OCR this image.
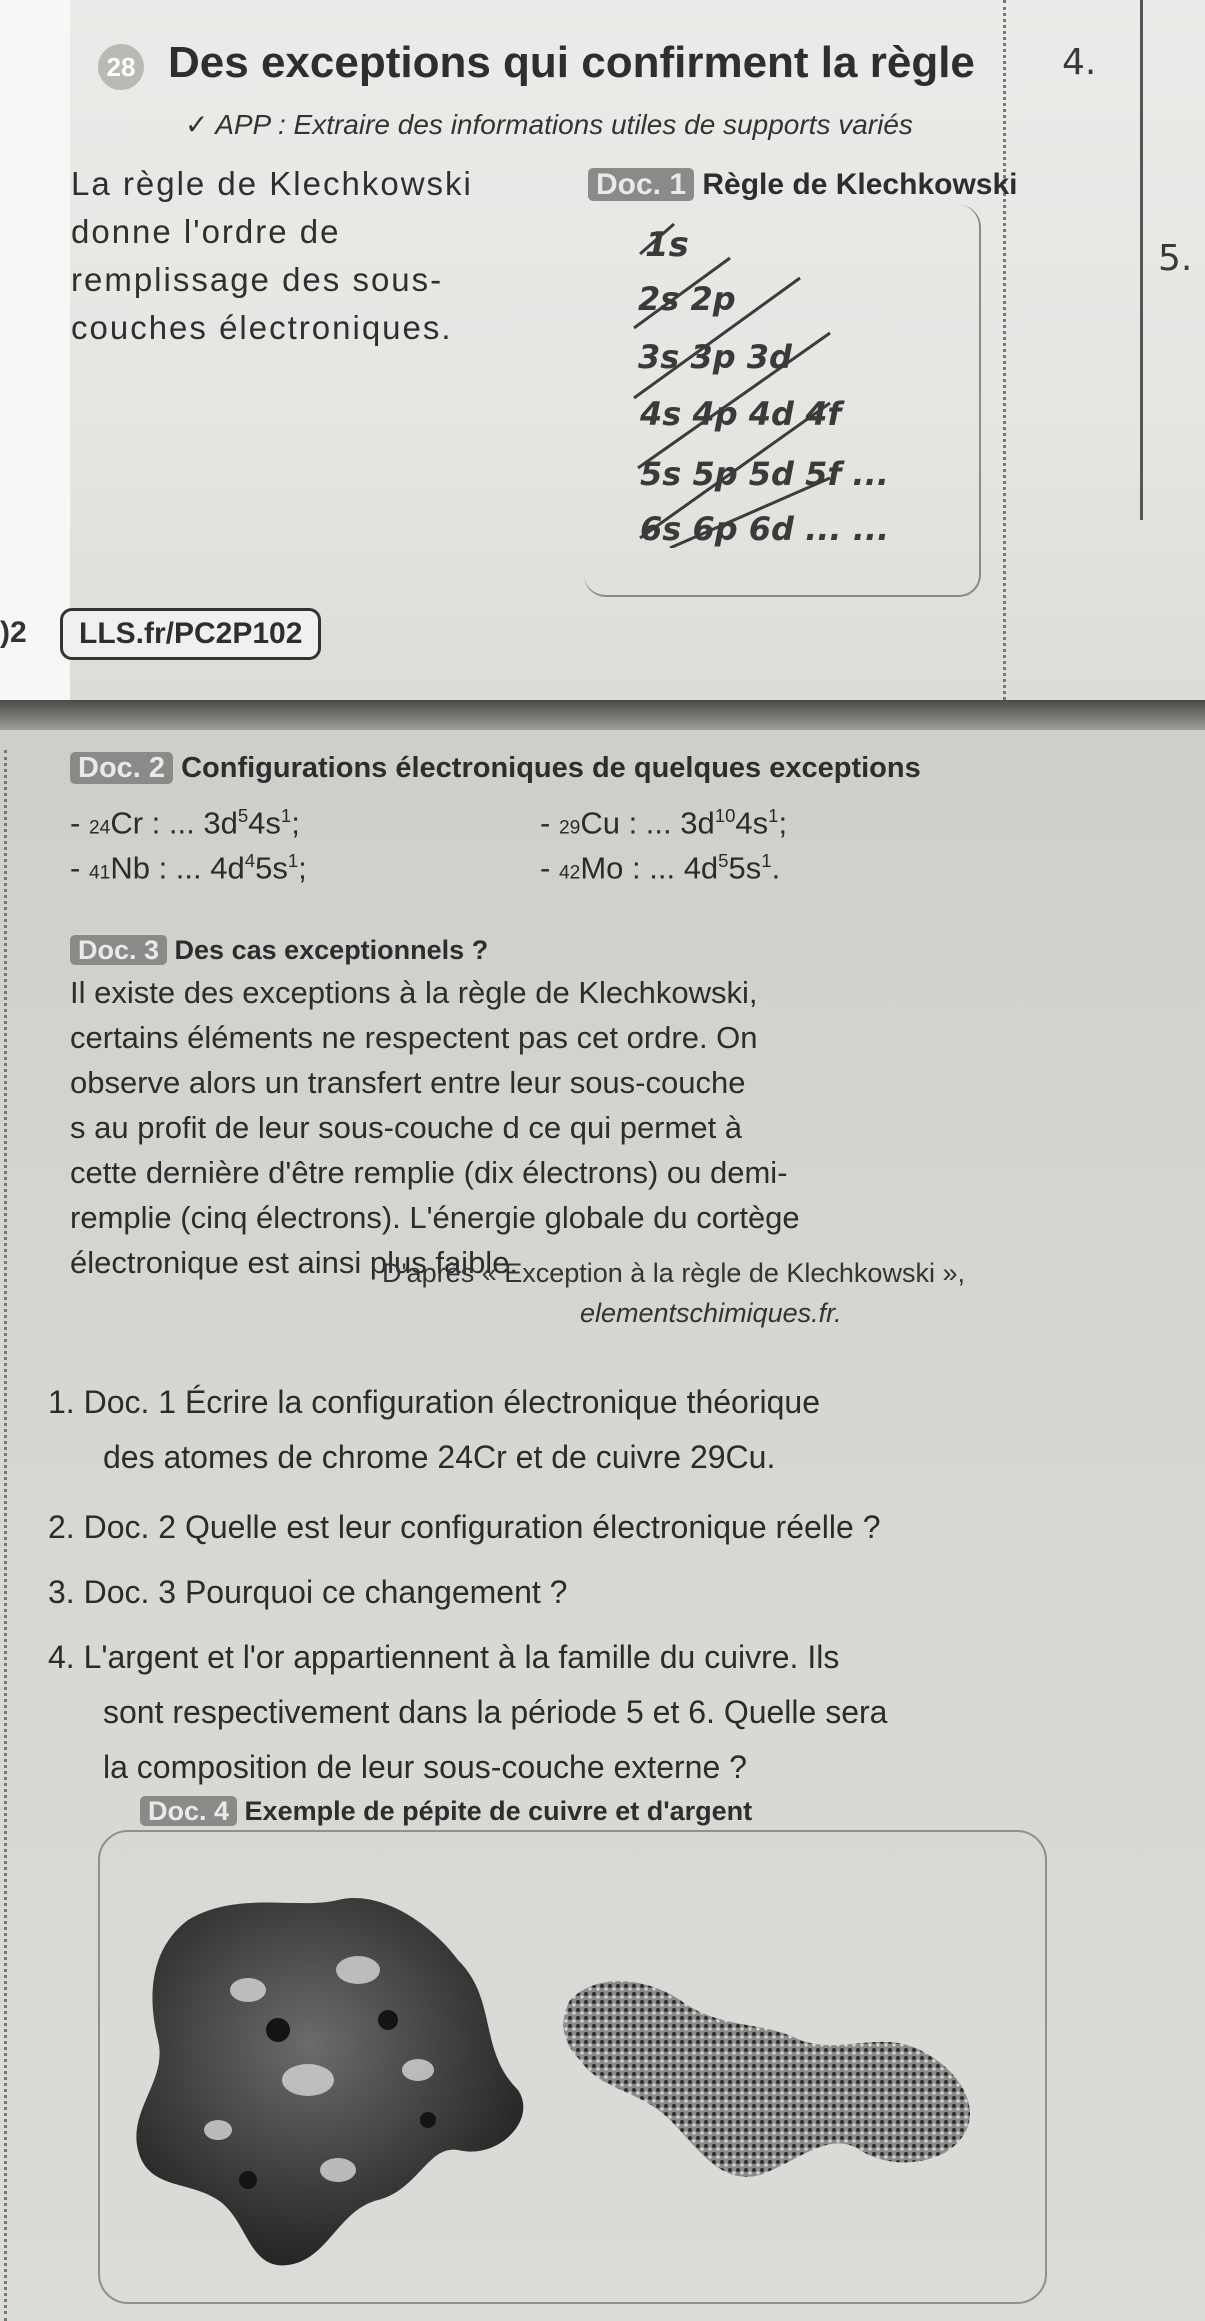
28 Des exceptions qui confirment la règle
✓ APP : Extraire des informations utiles de supports variés
4.
5.
La règle de Klechkowski donne l'ordre de remplissage des sous-couches électroniques.
Doc. 1 Règle de Klechkowski
1s
2s 2p
3s 3p 3d
4s 4p 4d 4f
5s 5p 5d 5f ...
6s 6p 6d ... ...
)2	LLS.fr/PC2P102
Doc. 2 Configurations électroniques de quelques exceptions
- 24Cr : ... $3d^54s^1$;	- 29Cu : ... $3d^{10}4s^1$;
- 41Nb : ... $4d^45s^1$;	- 42Mo : ... $4d^55s^1$.
Doc. 3 Des cas exceptionnels ?
Il existe des exceptions à la règle de Klechkowski,
certains éléments ne respectent pas cet ordre. On
observe alors un transfert entre leur sous-couche
s au profit de leur sous-couche d ce qui permet à
cette dernière d'être remplie (dix électrons) ou demi-
remplie (cinq électrons). L'énergie globale du cortège
électronique est ainsi plus faible.
D'après « Exception à la règle de Klechkowski »,
elementschimiques.fr.
1. Doc. 1 Écrire la configuration électronique théorique
des atomes de chrome 24Cr et de cuivre 29Cu.
2. Doc. 2 Quelle est leur configuration électronique réelle ?
3. Doc. 3 Pourquoi ce changement ?
4. L'argent et l'or appartiennent à la famille du cuivre. Ils
sont respectivement dans la période 5 et 6. Quelle sera
la composition de leur sous-couche externe ?
Doc. 4 Exemple de pépite de cuivre et d'argent
